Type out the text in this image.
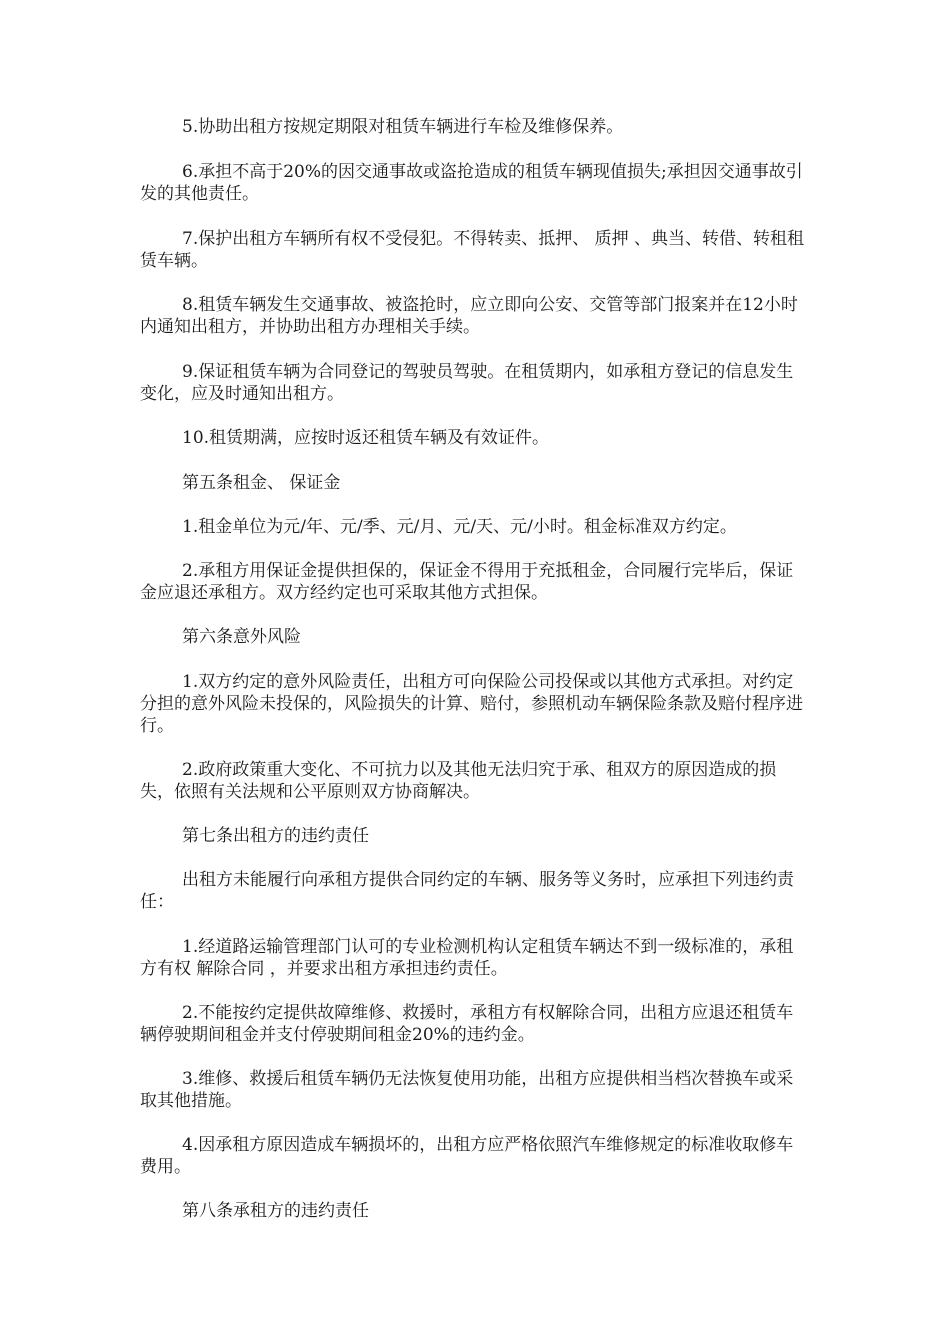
5.协助出租方按规定期限对租赁车辆进行车检及维修保养。

6.承担不高于20%的因交通事故或盗抢造成的租赁车辆现值损失;承担因交通事故引发的其他责任。

7.保护出租方车辆所有权不受侵犯。不得转卖、抵押、 质押 、典当、转借、转租租赁车辆。

8.租赁车辆发生交通事故、被盗抢时，应立即向公安、交管等部门报案并在12小时内通知出租方，并协助出租方办理相关手续。

9.保证租赁车辆为合同登记的驾驶员驾驶。在租赁期内，如承租方登记的信息发生变化，应及时通知出租方。

10.租赁期满，应按时返还租赁车辆及有效证件。

第五条租金、 保证金

1.租金单位为元/年、元/季、元/月、元/天、元/小时。租金标准双方约定。

2.承租方用保证金提供担保的，保证金不得用于充抵租金，合同履行完毕后，保证金应退还承租方。双方经约定也可采取其他方式担保。

第六条意外风险

1.双方约定的意外风险责任，出租方可向保险公司投保或以其他方式承担。对约定分担的意外风险未投保的，风险损失的计算、赔付，参照机动车辆保险条款及赔付程序进行。

2.政府政策重大变化、不可抗力以及其他无法归究于承、租双方的原因造成的损失，依照有关法规和公平原则双方协商解决。

第七条出租方的违约责任

出租方未能履行向承租方提供合同约定的车辆、服务等义务时，应承担下列违约责任：

1.经道路运输管理部门认可的专业检测机构认定租赁车辆达不到一级标准的，承租方有权 解除合同 ，并要求出租方承担违约责任。

2.不能按约定提供故障维修、救援时，承租方有权解除合同，出租方应退还租赁车辆停驶期间租金并支付停驶期间租金20%的违约金。

3.维修、救援后租赁车辆仍无法恢复使用功能，出租方应提供相当档次替换车或采取其他措施。

4.因承租方原因造成车辆损坏的，出租方应严格依照汽车维修规定的标准收取修车费用。

第八条承租方的违约责任
